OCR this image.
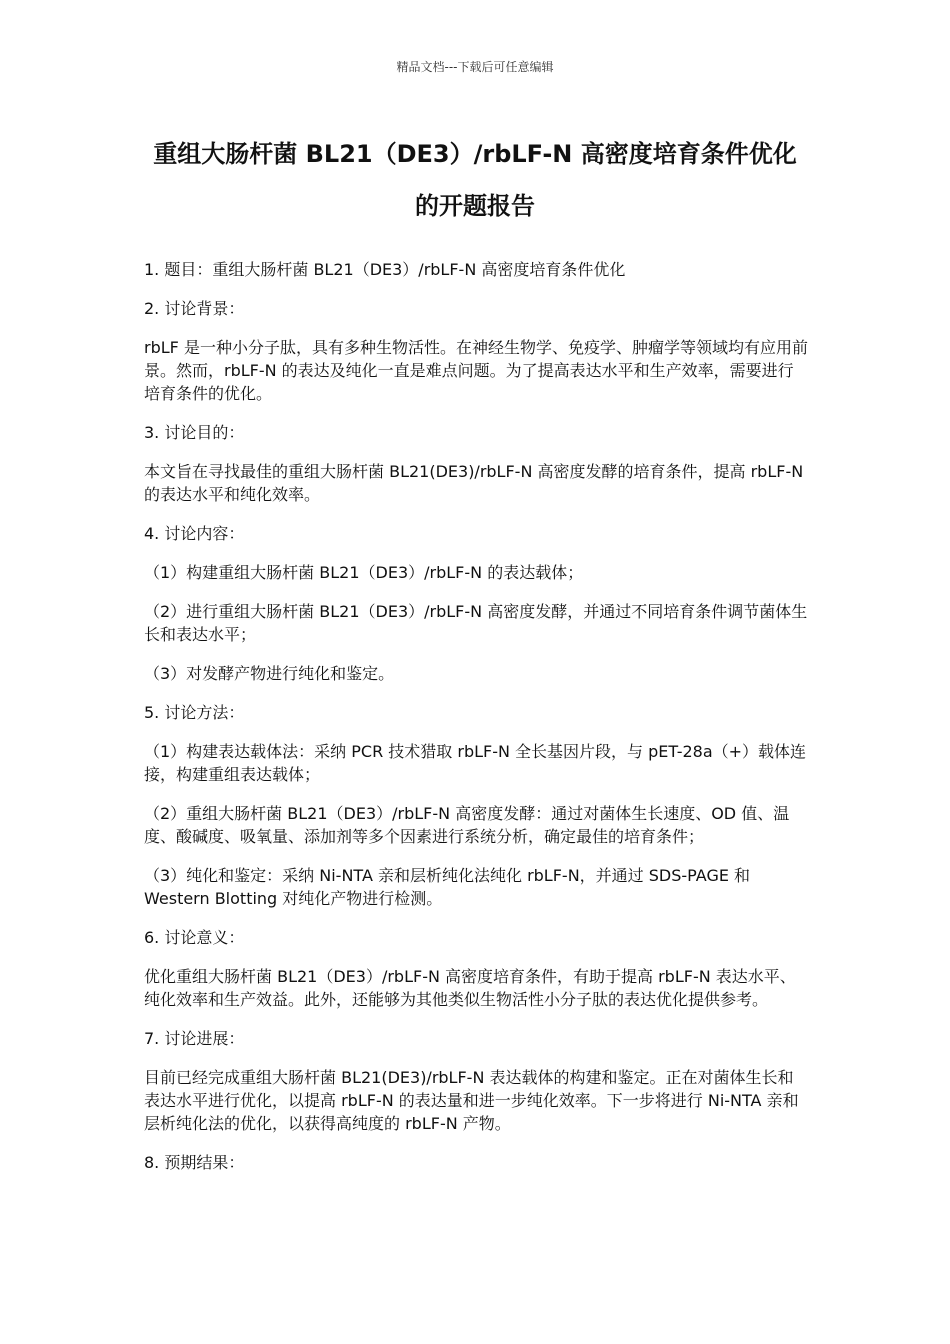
精品文档---下载后可任意编辑
重组大肠杆菌 BL21（DE3）/rbLF-N 高密度培育条件优化
的开题报告

1. 题目：重组大肠杆菌 BL21（DE3）/rbLF-N 高密度培育条件优化

2. 讨论背景：

rbLF 是一种小分子肽，具有多种生物活性。在神经生物学、免疫学、肿瘤学等领域均有应用前景。然而，rbLF-N 的表达及纯化一直是难点问题。为了提高表达水平和生产效率，需要进行培育条件的优化。

3. 讨论目的：

本文旨在寻找最佳的重组大肠杆菌 BL21(DE3)/rbLF-N 高密度发酵的培育条件，提高 rbLF-N 的表达水平和纯化效率。

4. 讨论内容：

（1）构建重组大肠杆菌 BL21（DE3）/rbLF-N 的表达载体；

（2）进行重组大肠杆菌 BL21（DE3）/rbLF-N 高密度发酵，并通过不同培育条件调节菌体生长和表达水平；

（3）对发酵产物进行纯化和鉴定。

5. 讨论方法：

（1）构建表达载体法：采纳 PCR 技术猎取 rbLF-N 全长基因片段，与 pET-28a（+）载体连接，构建重组表达载体；

（2）重组大肠杆菌 BL21（DE3）/rbLF-N 高密度发酵：通过对菌体生长速度、OD 值、温度、酸碱度、吸氧量、添加剂等多个因素进行系统分析，确定最佳的培育条件；

（3）纯化和鉴定：采纳 Ni-NTA 亲和层析纯化法纯化 rbLF-N，并通过 SDS-PAGE 和 Western Blotting 对纯化产物进行检测。

6. 讨论意义：

优化重组大肠杆菌 BL21（DE3）/rbLF-N 高密度培育条件，有助于提高 rbLF-N 表达水平、纯化效率和生产效益。此外，还能够为其他类似生物活性小分子肽的表达优化提供参考。

7. 讨论进展：

目前已经完成重组大肠杆菌 BL21(DE3)/rbLF-N 表达载体的构建和鉴定。正在对菌体生长和表达水平进行优化，以提高 rbLF-N 的表达量和进一步纯化效率。下一步将进行 Ni-NTA 亲和层析纯化法的优化，以获得高纯度的 rbLF-N 产物。

8. 预期结果：
